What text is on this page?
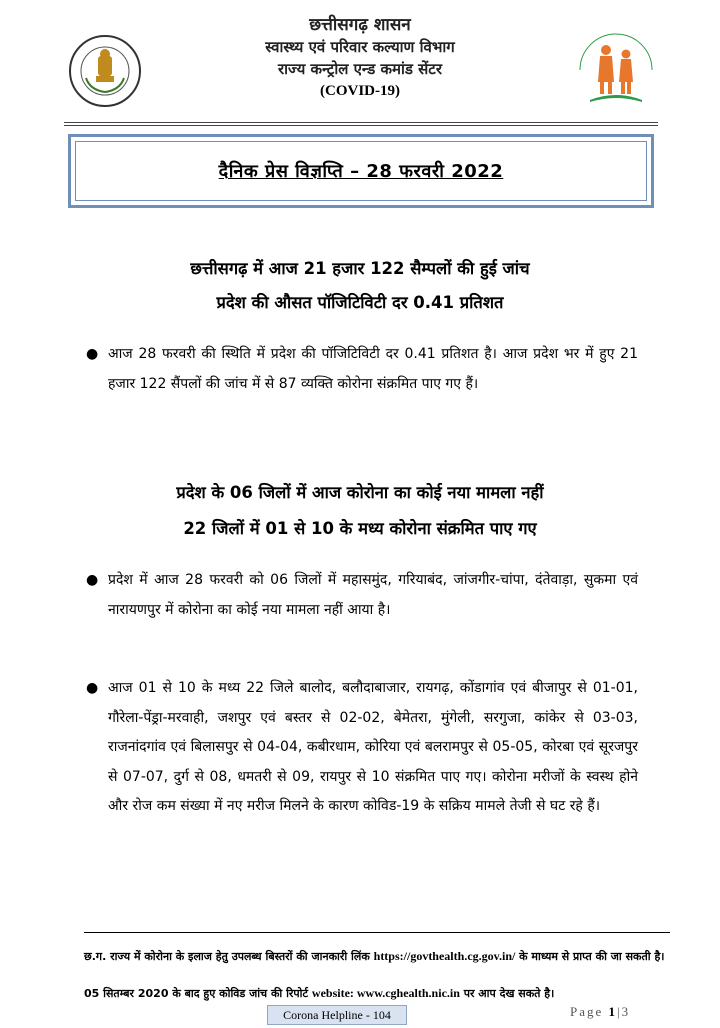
छत्तीसगढ़ शासन
स्वास्थ्य एवं परिवार कल्याण विभाग
राज्य कन्ट्रोल एन्ड कमांड सेंटर
(COVID-19)
दैनिक प्रेस विज्ञप्ति – 28 फरवरी 2022
छत्तीसगढ़ में आज 21 हजार 122 सैम्पलों की हुई जांच
प्रदेश की औसत पॉजिटिविटी दर 0.41 प्रतिशत
● आज 28 फरवरी की स्थिति में प्रदेश की पॉजिटिविटी दर 0.41 प्रतिशत है। आज प्रदेश भर में हुए 21 हजार 122 सैंपलों की जांच में से 87 व्यक्ति कोरोना संक्रमित पाए गए हैं।
प्रदेश के 06 जिलों में आज कोरोना का कोई नया मामला नहीं
22 जिलों में 01 से 10 के मध्य कोरोना संक्रमित पाए गए
● प्रदेश में आज 28 फरवरी को 06 जिलों में महासमुंद, गरियाबंद, जांजगीर-चांपा, दंतेवाड़ा, सुकमा एवं नारायणपुर में कोरोना का कोई नया मामला नहीं आया है।
● आज 01 से 10 के मध्य 22 जिले बालोद, बलौदाबाजार, रायगढ़, कोंडागांव एवं बीजापुर से 01-01, गौरेला-पेंड्रा-मरवाही, जशपुर एवं बस्तर से 02-02, बेमेतरा, मुंगेली, सरगुजा, कांकेर से 03-03, राजनांदगांव एवं बिलासपुर से 04-04, कबीरधाम, कोरिया एवं बलरामपुर से 05-05, कोरबा एवं सूरजपुर से 07-07, दुर्ग से 08, धमतरी से 09, रायपुर से 10 संक्रमित पाए गए। कोरोना मरीजों के स्वस्थ होने और रोज कम संख्या में नए मरीज मिलने के कारण कोविड-19 के सक्रिय मामले तेजी से घट रहे हैं।
छ.ग. राज्य में कोरोना के इलाज हेतु उपलब्ध बिस्तरों की जानकारी लिंक https://govthealth.cg.gov.in/ के माध्यम से प्राप्त की जा सकती है।
05 सितम्बर 2020 के बाद हुए कोविड जांच की रिपोर्ट website: www.cghealth.nic.in पर आप देख सकते है।
Corona Helpline - 104	Page 1|3
